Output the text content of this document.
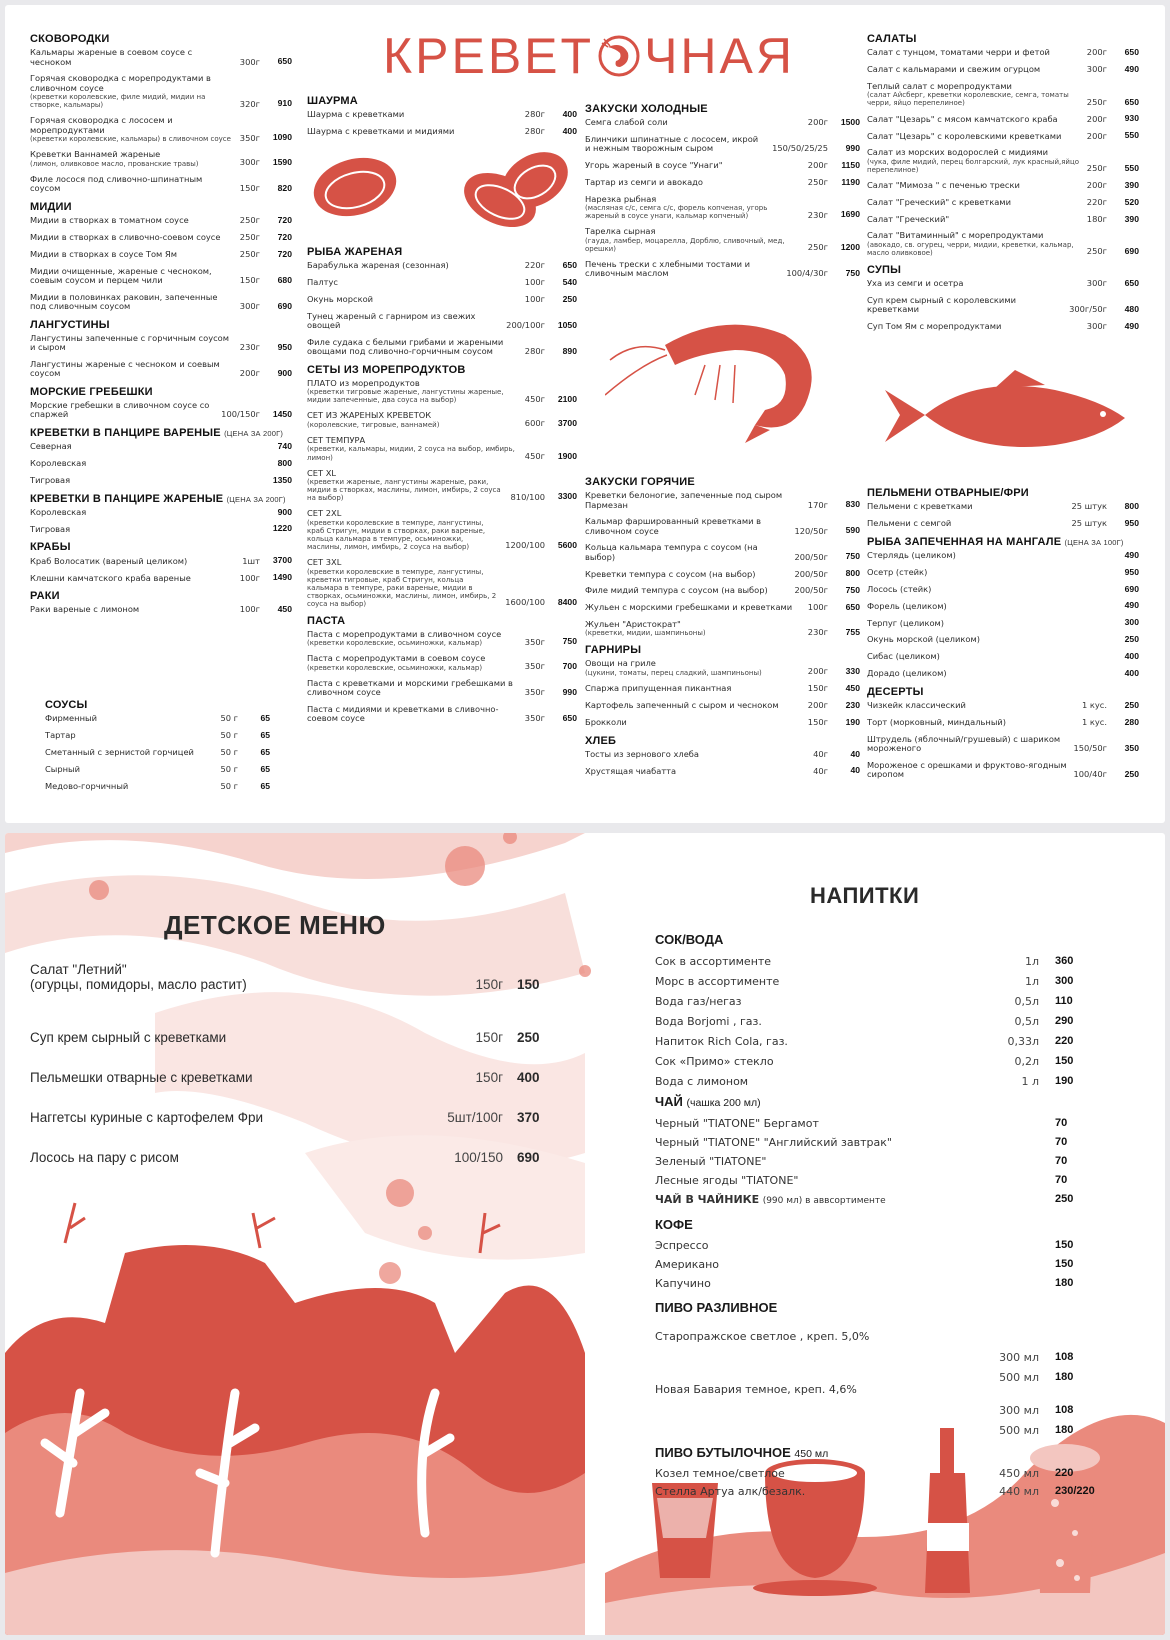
КРЕВЕТ ЧНАЯ
СКОВОРОДКИ
Кальмары жареные в соевом соусе с чесноком	300г	650
Горячая сковородка с морепродуктами в сливочном соусе
(креветки королевские, филе мидий, мидии на створке, кальмары)	320г	910
Горячая сковородка с лососем и морепродуктами
(креветки королевские, кальмары) в сливочном соусе	350г	1090
Креветки Ваннамей жареные
(лимон, оливковое масло, прованские травы)	300г	1590
Филе лосося под сливочно-шпинатным соусом	150г	820
МИДИИ
Мидии в створках в томатном соусе	250г	720
Мидии в створках в сливочно-соевом соусе	250г	720
Мидии в створках в соусе Том Ям	250г	720
Мидии очищенные, жареные с чесноком, соевым соусом и перцем чили	150г	680
Мидии в половинках раковин, запеченные под сливочным соусом	300г	690
ЛАНГУСТИНЫ
Лангустины запеченные с горчичным соусом и сыром	230г	950
Лангустины жареные с чесноком и соевым соусом	200г	900
МОРСКИЕ ГРЕБЕШКИ
Морские гребешки в сливочном соусе со спаржей	100/150г	1450
КРЕВЕТКИ В ПАНЦИРЕ ВАРЕНЫЕ (ЦЕНА ЗА 200Г)
Северная	740
Королевская	800
Тигровая	1350
КРЕВЕТКИ В ПАНЦИРЕ ЖАРЕНЫЕ (ЦЕНА ЗА 200Г)
Королевская	900
Тигровая	1220
КРАБЫ
Краб Волосатик (вареный целиком)	1шт	3700
Клешни камчатского краба вареные	100г	1490
РАКИ
Раки вареные с лимоном	100г	450
СОУСЫ
Фирменный	50 г	65
Тартар	50 г	65
Сметанный с зернистой горчицей	50 г	65
Сырный	50 г	65
Медово-горчичный	50 г	65
ШАУРМА
Шаурма с креветками	280г	400
Шаурма с креветками и мидиями	280г	400
РЫБА ЖАРЕНАЯ
Барабулька жареная (сезонная)	220г	650
Палтус	100г	540
Окунь морской	100г	250
Тунец жареный с гарниром из свежих овощей	200/100г	1050
Филе судака с белыми грибами и жареными овощами под сливочно-горчичным соусом	280г	890
СЕТЫ ИЗ МОРЕПРОДУКТОВ
ПЛАТО из морепродуктов
(креветки тигровые жареные, лангустины жареные, мидии запеченные, два соуса на выбор)	450г	2100
СЕТ ИЗ ЖАРЕНЫХ КРЕВЕТОК
(королевские, тигровые, ваннамей)	600г	3700
СЕТ ТЕМПУРА
(креветки, кальмары, мидии, 2 соуса на выбор, имбирь, лимон)	450г	1900
СЕТ XL
(креветки жареные, лангустины жареные, раки, мидии в створках, маслины, лимон, имбирь, 2 соуса на выбор)	810/100	3300
СЕТ 2XL
(креветки королевские в темпуре, лангустины, краб Стригун, мидии в створках, раки вареные, кольца кальмара в темпуре, осьминожки, маслины, лимон, имбирь, 2 соуса на выбор)	1200/100	5600
СЕТ 3XL
(креветки королевские в темпуре, лангустины, креветки тигровые, краб Стригун, кольца кальмара в темпуре, раки вареные, мидии в створках, осьминожки, маслины, лимон, имбирь, 2 соуса на выбор)	1600/100	8400
ПАСТА
Паста с морепродуктами в сливочном соусе
(креветки королевские, осьминожки, кальмар)	350г	750
Паста с морепродуктами в соевом соусе
(креветки королевские, осьминожки, кальмар)	350г	700
Паста с креветками и морскими гребешками в сливочном соусе	350г	990
Паста с мидиями и креветками в сливочно-соевом соусе	350г	650
ЗАКУСКИ ХОЛОДНЫЕ
Семга слабой соли	200г	1500
Блинчики шпинатные с лососем, икрой и нежным творожным сыром	150/50/25/25	990
Угорь жареный в соусе "Унаги"	200г	1150
Тартар из семги и авокадо	250г	1190
Нарезка рыбная
(масляная с/с, семга с/с, форель копченая, угорь жареный в соусе унаги, кальмар копченый)	230г	1690
Тарелка сырная
(гауда, ламбер, моцарелла, Дорблю, сливочный, мед, орешки)	250г	1200
Печень трески с хлебными тостами и сливочным маслом	100/4/30г	750
ЗАКУСКИ ГОРЯЧИЕ
Креветки белоногие, запеченные под сыром Пармезан	170г	830
Кальмар фаршированный креветками в сливочном соусе	120/50г	590
Кольца кальмара темпура с соусом (на выбор)	200/50г	750
Креветки темпура с соусом (на выбор)	200/50г	800
Филе мидий темпура с соусом (на выбор)	200/50г	750
Жульен с морскими гребешками и креветками	100г	650
Жульен "Аристократ"
(креветки, мидии, шампиньоны)	230г	755
ГАРНИРЫ
Овощи на гриле
(цукини, томаты, перец сладкий, шампиньоны)	200г	330
Спаржа припущенная пикантная	150г	450
Картофель запеченный с сыром и чесноком	200г	230
Брокколи	150г	190
ХЛЕБ
Тосты из зернового хлеба	40г	40
Хрустящая чиабатта	40г	40
САЛАТЫ
Салат с тунцом, томатами черри и фетой	200г	650
Салат с кальмарами и свежим огурцом	300г	490
Теплый салат с морепродуктами
(салат Айсберг, креветки королевские, семга, томаты черри, яйцо перепелиное)	250г	650
Салат "Цезарь" с мясом камчатского краба	200г	930
Салат "Цезарь" с королевскими креветками	200г	550
Салат из морских водорослей с мидиями
(чука, филе мидий, перец болгарский, лук красный,яйцо перепелиное)	250г	550
Салат "Мимоза " с печенью трески	200г	390
Салат "Греческий" с креветками	220г	520
Салат "Греческий"	180г	390
Салат "Витаминный" с морепродуктами
(авокадо, св. огурец, черри, мидии, креветки, кальмар, масло оливковое)	250г	690
СУПЫ
Уха из семги и осетра	300г	650
Суп крем сырный с королевскими креветками	300г/50г	480
Суп Том Ям с морепродуктами	300г	490
ПЕЛЬМЕНИ ОТВАРНЫЕ/ФРИ
Пельмени с креветками	25 штук	800
Пельмени с семгой	25 штук	950
РЫБА ЗАПЕЧЕННАЯ НА МАНГАЛЕ (ЦЕНА ЗА 100Г)
Стерлядь (целиком)	490
Осетр (стейк)	950
Лосось (стейк)	690
Форель (целиком)	490
Терпуг (целиком)	300
Окунь морской (целиком)	250
Сибас (целиком)	400
Дорадо (целиком)	400
ДЕСЕРТЫ
Чизкейк классический	1 кус.	250
Торт (морковный, миндальный)	1 кус.	280
Штрудель (яблочный/грушевый) с шариком мороженого	150/50г	350
Мороженое с орешками и фруктово-ягодным сиропом	100/40г	250
ДЕТСКОЕ МЕНЮ
Салат "Летний"
(огурцы, помидоры, масло растит)	150г	150
Суп крем сырный с креветками	150г	250
Пельмешки отварные с креветками	150г	400
Наггетсы куриные с картофелем Фри	5шт/100г	370
Лосось на пару с рисом	100/150	690
НАПИТКИ
СОК/ВОДА
Сок в ассортименте	1л	360
Морс в ассортименте	1л	300
Вода газ/негаз	0,5л	110
Вода Borjomi , газ.	0,5л	290
Напиток Rich Cola, газ.	0,33л	220
Сок «Примо» стекло	0,2л	150
Вода с лимоном	1 л	190
ЧАЙ (чашка 200 мл)
Черный "TIATONE" Бергамот	70
Черный "TIATONE" "Английский завтрак"	70
Зеленый "TIATONE"	70
Лесные ягоды "TIATONE"	70
ЧАЙ В ЧАЙНИКЕ (990 мл) в аввсортименте	250
КОФЕ
Эспрессо	150
Американо	150
Капучино	180
ПИВО РАЗЛИВНОЕ
Старопражское светлое , креп. 5,0%
300 мл	108
500 мл	180
Новая Бавария темное, креп. 4,6%
300 мл	108
500 мл	180
ПИВО БУТЫЛОЧНОЕ 450 мл
Козел темное/светлое	450 мл	220
Стелла Артуа алк/безалк.	440 мл	230/220
